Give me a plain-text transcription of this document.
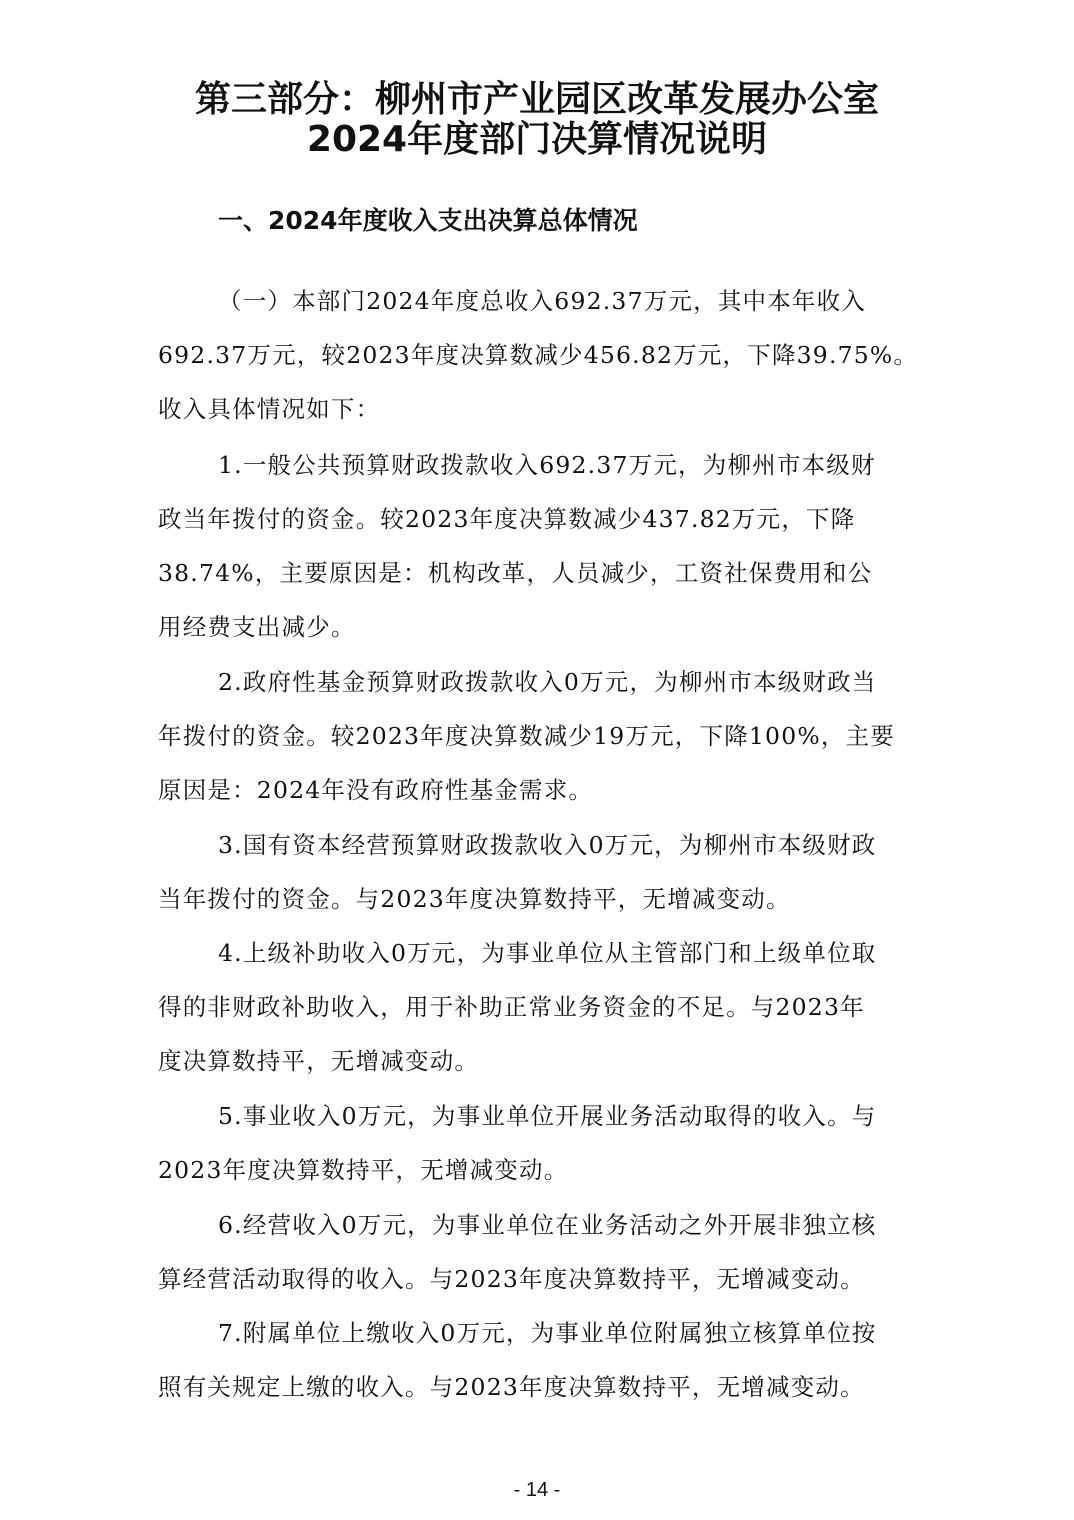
第三部分：柳州市产业园区改革发展办公室
2024年度部门决算情况说明
一、2024年度收入支出决算总体情况
（一）本部门2024年度总收入692.37万元，其中本年收入
692.37万元，较2023年度决算数减少456.82万元，下降39.75%。
收入具体情况如下：
1.一般公共预算财政拨款收入692.37万元，为柳州市本级财
政当年拨付的资金。较2023年度决算数减少437.82万元，下降
38.74%，主要原因是：机构改革，人员减少，工资社保费用和公
用经费支出减少。
2.政府性基金预算财政拨款收入0万元，为柳州市本级财政当
年拨付的资金。较2023年度决算数减少19万元，下降100%，主要
原因是：2024年没有政府性基金需求。
3.国有资本经营预算财政拨款收入0万元，为柳州市本级财政
当年拨付的资金。与2023年度决算数持平，无增减变动。
4.上级补助收入0万元，为事业单位从主管部门和上级单位取
得的非财政补助收入，用于补助正常业务资金的不足。与2023年
度决算数持平，无增减变动。
5.事业收入0万元，为事业单位开展业务活动取得的收入。与
2023年度决算数持平，无增减变动。
6.经营收入0万元，为事业单位在业务活动之外开展非独立核
算经营活动取得的收入。与2023年度决算数持平，无增减变动。
7.附属单位上缴收入0万元，为事业单位附属独立核算单位按
照有关规定上缴的收入。与2023年度决算数持平，无增减变动。
- 14 -
